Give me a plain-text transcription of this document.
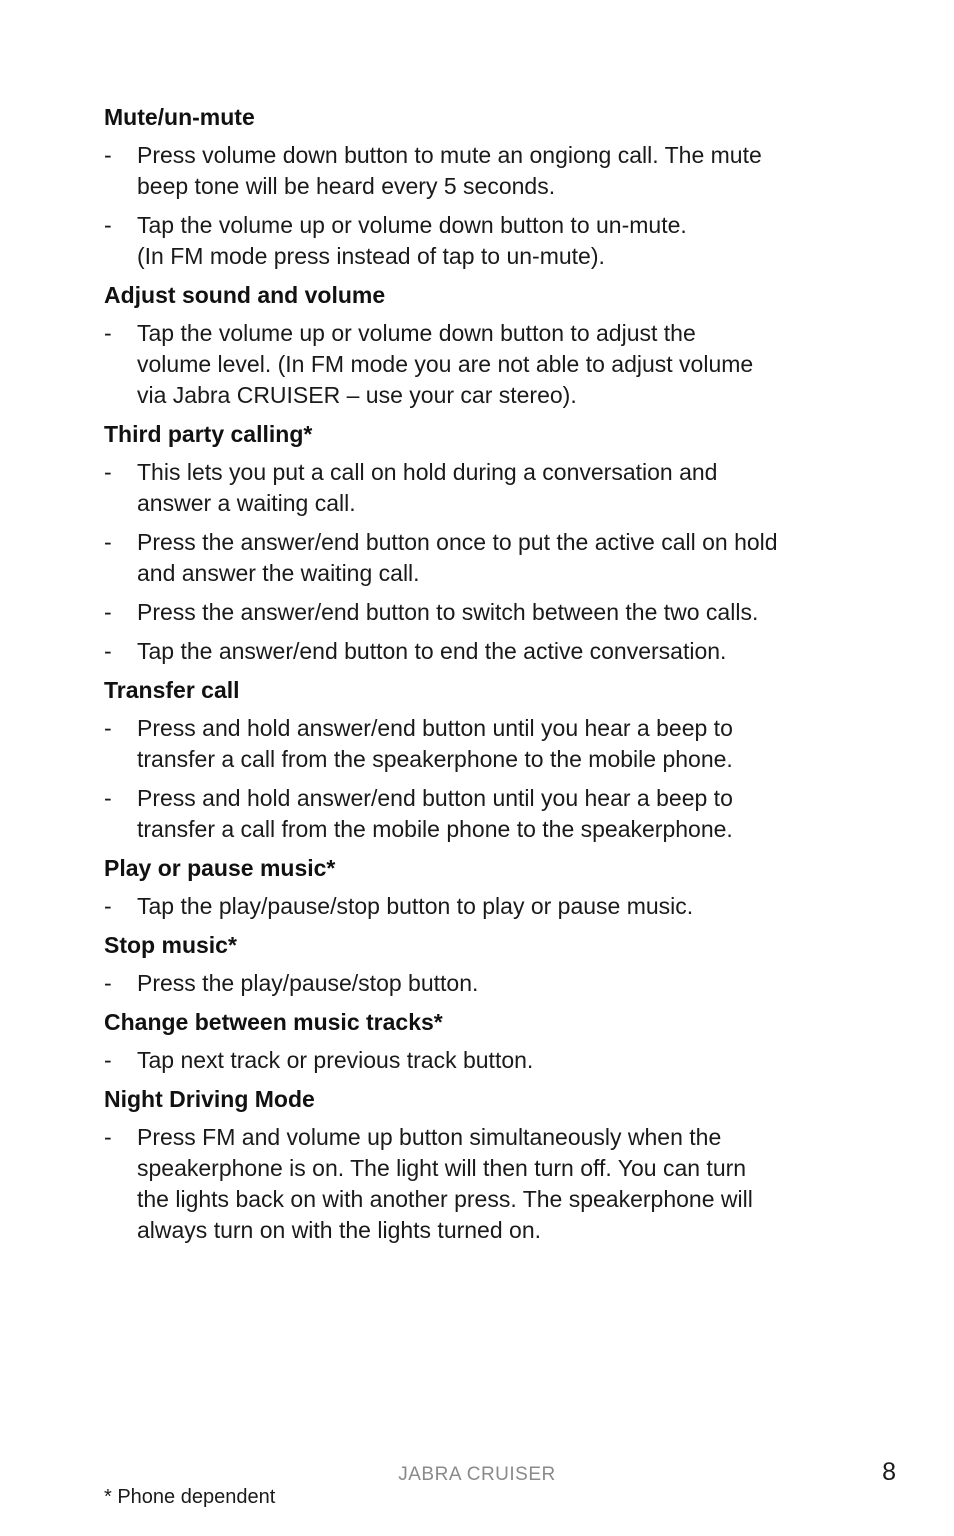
Mute/un-mute
- Press volume down button to mute an ongiong call. The mute
beep tone will be heard every 5 seconds.
- Tap the volume up or volume down button to un-mute.
(In FM mode press instead of tap to un-mute).
Adjust sound and volume
- Tap the volume up or volume down button to adjust the
volume level. (In FM mode you are not able to adjust volume
via Jabra CRUISER – use your car stereo).
Third party calling*
- This lets you put a call on hold during a conversation and
answer a waiting call.
- Press the answer/end button once to put the active call on hold
and answer the waiting call.
- Press the answer/end button to switch between the two calls.
- Tap the answer/end button to end the active conversation.
Transfer call
- Press and hold answer/end button until you hear a beep to
transfer a call from the speakerphone to the mobile phone.
- Press and hold answer/end button until you hear a beep to
transfer a call from the mobile phone to the speakerphone.
Play or pause music*
- Tap the play/pause/stop button to play or pause music.
Stop music*
- Press the play/pause/stop button.
Change between music tracks*
- Tap next track or previous track button.
Night Driving Mode
- Press FM and volume up button simultaneously when the
speakerphone is on. The light will then turn off. You can turn
the lights back on with another press. The speakerphone will
always turn on with the lights turned on.
JABRA CRUISER	8
* Phone dependent
